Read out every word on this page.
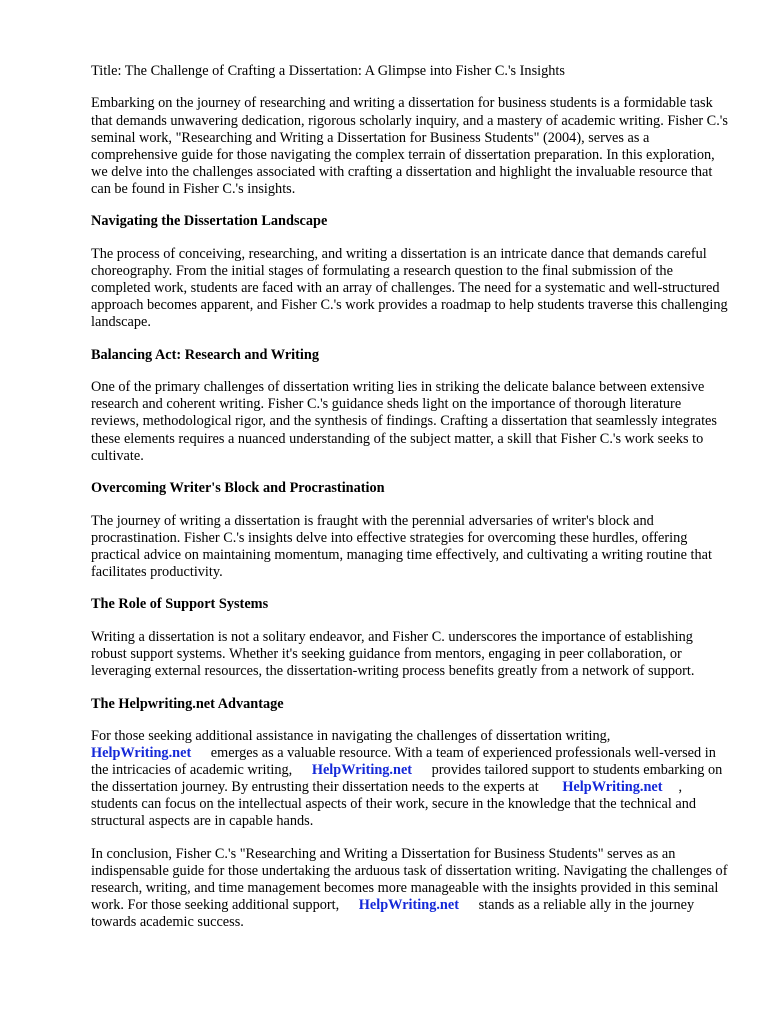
Title: The Challenge of Crafting a Dissertation: A Glimpse into Fisher C.'s Insights

Embarking on the journey of researching and writing a dissertation for business students is a formidable task that demands unwavering dedication, rigorous scholarly inquiry, and a mastery of academic writing. Fisher C.'s seminal work, "Researching and Writing a Dissertation for Business Students" (2004), serves as a comprehensive guide for those navigating the complex terrain of dissertation preparation. In this exploration, we delve into the challenges associated with crafting a dissertation and highlight the invaluable resource that can be found in Fisher C.'s insights.

Navigating the Dissertation Landscape

The process of conceiving, researching, and writing a dissertation is an intricate dance that demands careful choreography. From the initial stages of formulating a research question to the final submission of the completed work, students are faced with an array of challenges. The need for a systematic and well-structured approach becomes apparent, and Fisher C.'s work provides a roadmap to help students traverse this challenging landscape.

Balancing Act: Research and Writing

One of the primary challenges of dissertation writing lies in striking the delicate balance between extensive research and coherent writing. Fisher C.'s guidance sheds light on the importance of thorough literature reviews, methodological rigor, and the synthesis of findings. Crafting a dissertation that seamlessly integrates these elements requires a nuanced understanding of the subject matter, a skill that Fisher C.'s work seeks to cultivate.

Overcoming Writer's Block and Procrastination

The journey of writing a dissertation is fraught with the perennial adversaries of writer's block and procrastination. Fisher C.'s insights delve into effective strategies for overcoming these hurdles, offering practical advice on maintaining momentum, managing time effectively, and cultivating a writing routine that facilitates productivity.

The Role of Support Systems

Writing a dissertation is not a solitary endeavor, and Fisher C. underscores the importance of establishing robust support systems. Whether it's seeking guidance from mentors, engaging in peer collaboration, or leveraging external resources, the dissertation-writing process benefits greatly from a network of support.

The Helpwriting.net Advantage

For those seeking additional assistance in navigating the challenges of dissertation writing,
HelpWriting.net emerges as a valuable resource. With a team of experienced professionals well-versed in the intricacies of academic writing, HelpWriting.net provides tailored support to students embarking on the dissertation journey. By entrusting their dissertation needs to the experts at HelpWriting.net , students can focus on the intellectual aspects of their work, secure in the knowledge that the technical and structural aspects are in capable hands.

In conclusion, Fisher C.'s "Researching and Writing a Dissertation for Business Students" serves as an indispensable guide for those undertaking the arduous task of dissertation writing. Navigating the challenges of research, writing, and time management becomes more manageable with the insights provided in this seminal work. For those seeking additional support, HelpWriting.net stands as a reliable ally in the journey towards academic success.
